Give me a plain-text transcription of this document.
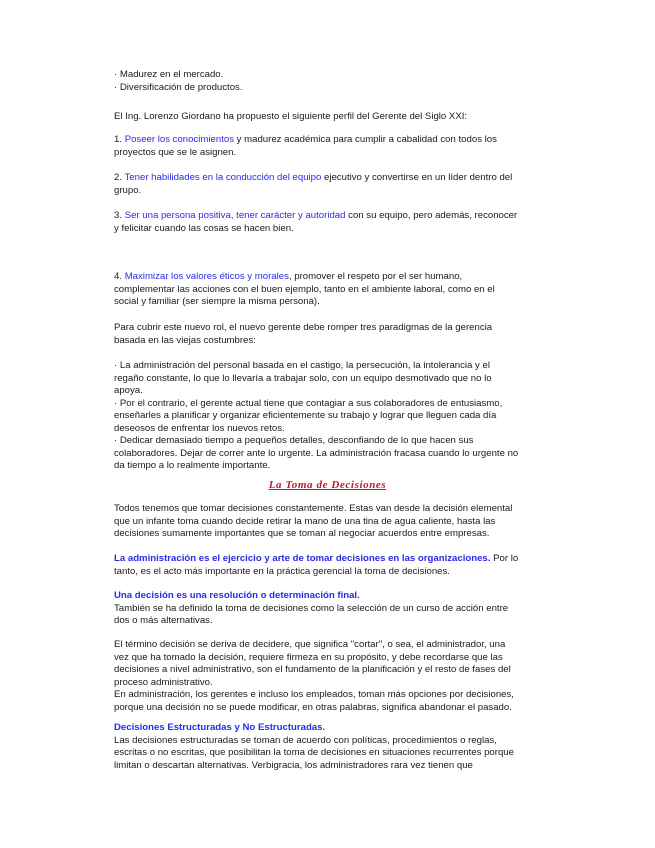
· Madurez en el mercado.
· Diversificación de productos.
El Ing. Lorenzo Giordano ha propuesto el siguiente perfil del Gerente del Siglo XXI:
1. Poseer los conocimientos y madurez académica para cumplir a cabalidad con todos los
proyectos que se le asignen.
2. Tener habilidades en la conducción del equipo ejecutivo y convertirse en un líder dentro del
grupo.
3. Ser una persona positiva, tener carácter y autoridad con su equipo, pero además, reconocer
y felicitar cuando las cosas se hacen bien.
4. Maximizar los valores éticos y morales, promover el respeto por el ser humano,
complementar las acciones con el buen ejemplo, tanto en el ambiente laboral, como en el
social y familiar (ser siempre la misma persona).
Para cubrir este nuevo rol, el nuevo gerente debe romper tres paradigmas de la gerencia
basada en las viejas costumbres:
· La administración del personal basada en el castigo, la persecución, la intolerancia y el
regaño constante, lo que lo llevaría a trabajar solo, con un equipo desmotivado que no lo
apoya.
· Por el contrario, el gerente actual tiene que contagiar a sus colaboradores de entusiasmo,
enseñarles a planificar y organizar eficientemente su trabajo y lograr que lleguen cada día
deseosos de enfrentar los nuevos retos.
· Dedicar demasiado tiempo a pequeños detalles, desconfiando de lo que hacen sus
colaboradores. Dejar de correr ante lo urgente. La administración fracasa cuando lo urgente no
da tiempo a lo realmente importante.
La Toma de Decisiones
Todos tenemos que tomar decisiones constantemente. Estas van desde la decisión elemental
que un infante toma cuando decide retirar la mano de una tina de agua caliente, hasta las
decisiones sumamente importantes que se toman al negociar acuerdos entre empresas.
La administración es el ejercicio y arte de tomar decisiones en las organizaciones. Por lo
tanto, es el acto más importante en la práctica gerencial la toma de decisiones.
Una decisión es una resolución o determinación final.
También se ha definido la toma de decisiones como la selección de un curso de acción entre
dos o más alternativas.
El término decisión se deriva de decidere, que significa "cortar", o sea, el administrador, una
vez que ha tomado la decisión, requiere firmeza en su propósito, y debe recordarse que las
decisiones a nivel administrativo, son el fundamento de la planificación y el resto de fases del
proceso administrativo.
En administración, los gerentes e incluso los empleados, toman más opciones por decisiones,
porque una decisión no se puede modificar, en otras palabras, significa abandonar el pasado.
Decisiones Estructuradas y No Estructuradas.
Las decisiones estructuradas se toman de acuerdo con políticas, procedimientos o reglas,
escritas o no escritas, que posibilitan la toma de decisiones en situaciones recurrentes porque
limitan o descartan alternativas. Verbigracia, los administradores rara vez tienen que
